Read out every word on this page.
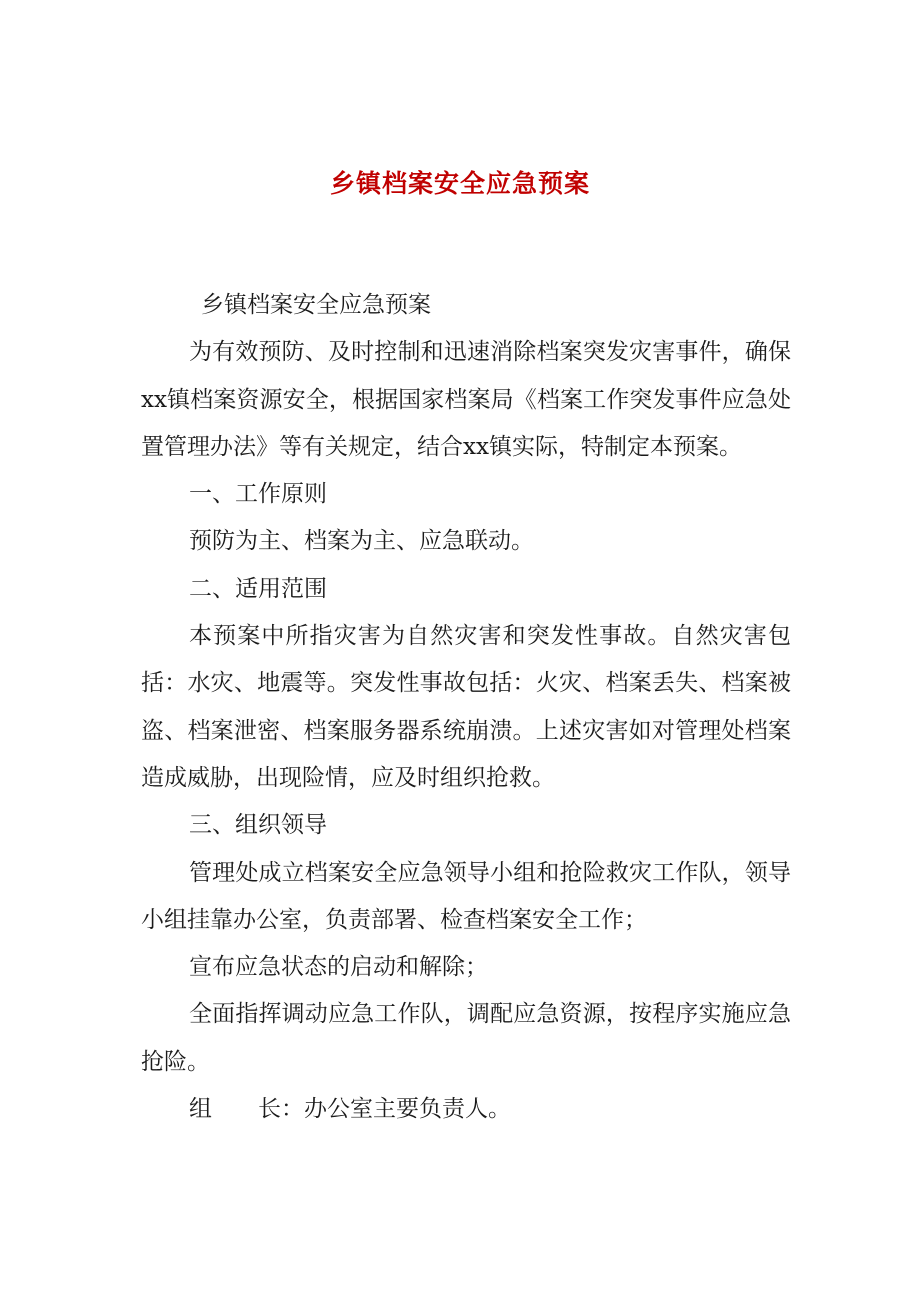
乡镇档案安全应急预案

乡镇档案安全应急预案

为有效预防、及时控制和迅速消除档案突发灾害事件，确保xx镇档案资源安全，根据国家档案局《档案工作突发事件应急处置管理办法》等有关规定，结合xx镇实际，特制定本预案。

一、工作原则

预防为主、档案为主、应急联动。

二、适用范围

本预案中所指灾害为自然灾害和突发性事故。自然灾害包括：水灾、地震等。突发性事故包括：火灾、档案丢失、档案被盗、档案泄密、档案服务器系统崩溃。上述灾害如对管理处档案造成威胁，出现险情，应及时组织抢救。

三、组织领导

管理处成立档案安全应急领导小组和抢险救灾工作队，领导小组挂靠办公室，负责部署、检查档案安全工作；

宣布应急状态的启动和解除；

全面指挥调动应急工作队，调配应急资源，按程序实施应急抢险。

组　　长：办公室主要负责人。
